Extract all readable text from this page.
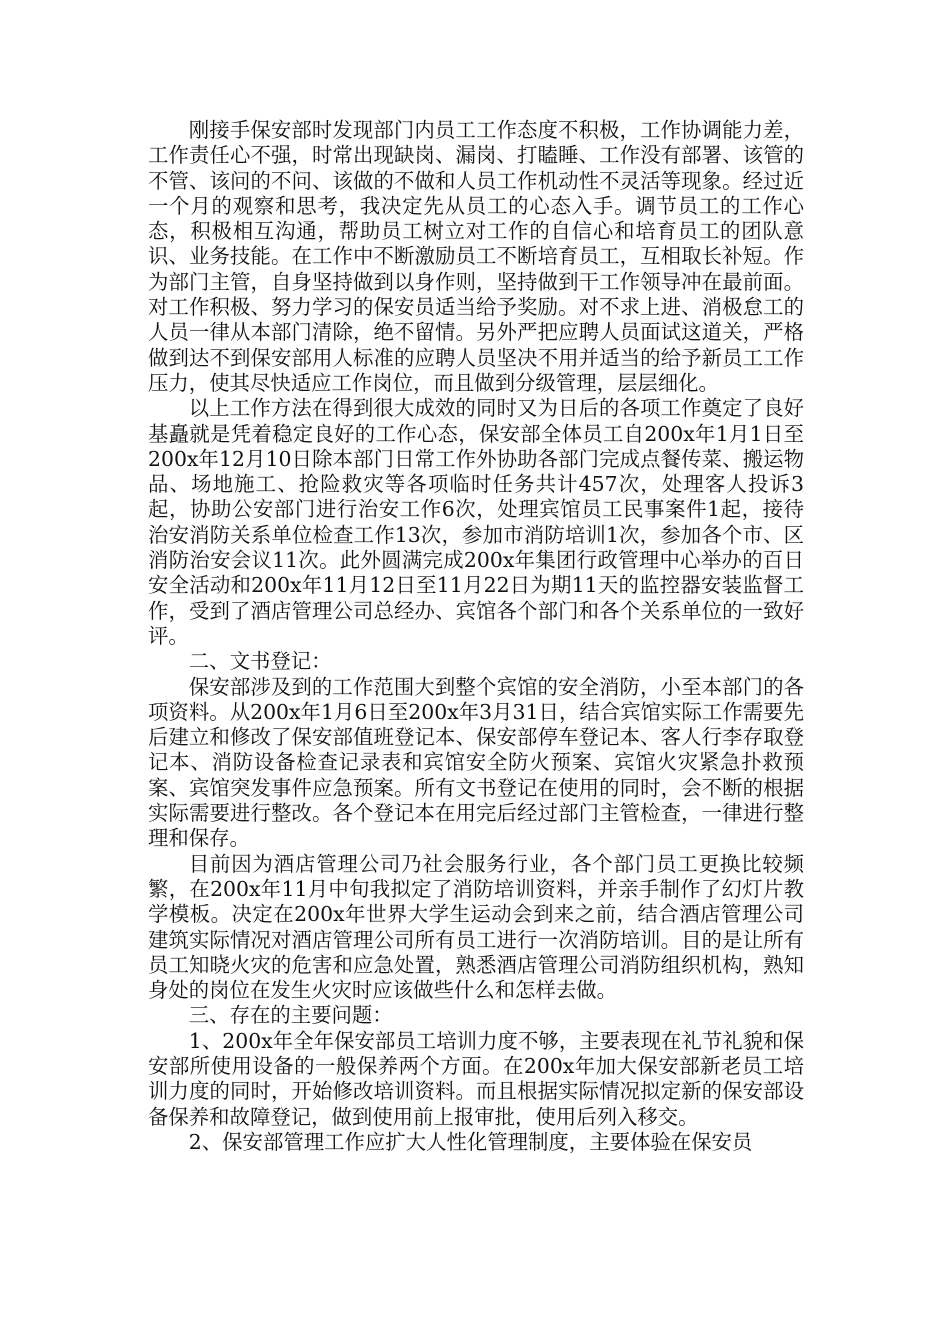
刚接手保安部时发现部门内员工工作态度不积极，工作协调能力差，工作责任心不强，时常出现缺岗、漏岗、打瞌睡、工作没有部署、该管的不管、该问的不问、该做的不做和人员工作机动性不灵活等现象。经过近一个月的观察和思考，我决定先从员工的心态入手。调节员工的工作心态，积极相互沟通，帮助员工树立对工作的自信心和培育员工的团队意识、业务技能。在工作中不断激励员工不断培育员工，互相取长补短。作为部门主管，自身坚持做到以身作则，坚持做到干工作领导冲在最前面。对工作积极、努力学习的保安员适当给予奖励。对不求上进、消极怠工的人员一律从本部门清除，绝不留情。另外严把应聘人员面试这道关，严格做到达不到保安部用人标准的应聘人员坚决不用并适当的给予新员工工作压力，使其尽快适应工作岗位，而且做到分级管理，层层细化。

以上工作方法在得到很大成效的同时又为日后的各项工作奠定了良好 基矗就是凭着稳定良好的工作心态，保安部全体员工自200x年1月1日至200x年12月10日除本部门日常工作外协助各部门完成点餐传菜、搬运物品、场地施工、抢险救灾等各项临时任务共计457次，处理客人投诉3起，协助公安部门进行治安工作6次，处理宾馆员工民事案件1起，接待治安消防关系单位检查工作13次，参加市消防培训1次，参加各个市、区消防治安会议11次。此外圆满完成200x年集团行政管理中心举办的百日安全活动和200x年11月12日至11月22日为期11天的监控器安装监督工作，受到了酒店管理公司总经办、宾馆各个部门和各个关系单位的一致好评。

二、文书登记：

保安部涉及到的工作范围大到整个宾馆的安全消防，小至本部门的各项资料。从200x年1月6日至200x年3月31日，结合宾馆实际工作需要先后建立和修改了保安部值班登记本、保安部停车登记本、客人行李存取登记本、消防设备检查记录表和宾馆安全防火预案、宾馆火灾紧急扑救预案、宾馆突发事件应急预案。所有文书登记在使用的同时，会不断的根据实际需要进行整改。各个登记本在用完后经过部门主管检查，一律进行整理和保存。

目前因为酒店管理公司乃社会服务行业，各个部门员工更换比较频繁，在200x年11月中旬我拟定了消防培训资料，并亲手制作了幻灯片教学模板。决定在200x年世界大学生运动会到来之前，结合酒店管理公司建筑实际情况对酒店管理公司所有员工进行一次消防培训。目的是让所有员工知晓火灾的危害和应急处置，熟悉酒店管理公司消防组织机构，熟知身处的岗位在发生火灾时应该做些什么和怎样去做。

三、存在的主要问题：

1、200x年全年保安部员工培训力度不够，主要表现在礼节礼貌和保安部所使用设备的一般保养两个方面。在200x年加大保安部新老员工培训力度的同时，开始修改培训资料。而且根据实际情况拟定新的保安部设备保养和故障登记，做到使用前上报审批，使用后列入移交。

2、保安部管理工作应扩大人性化管理制度，主要体验在保安员
